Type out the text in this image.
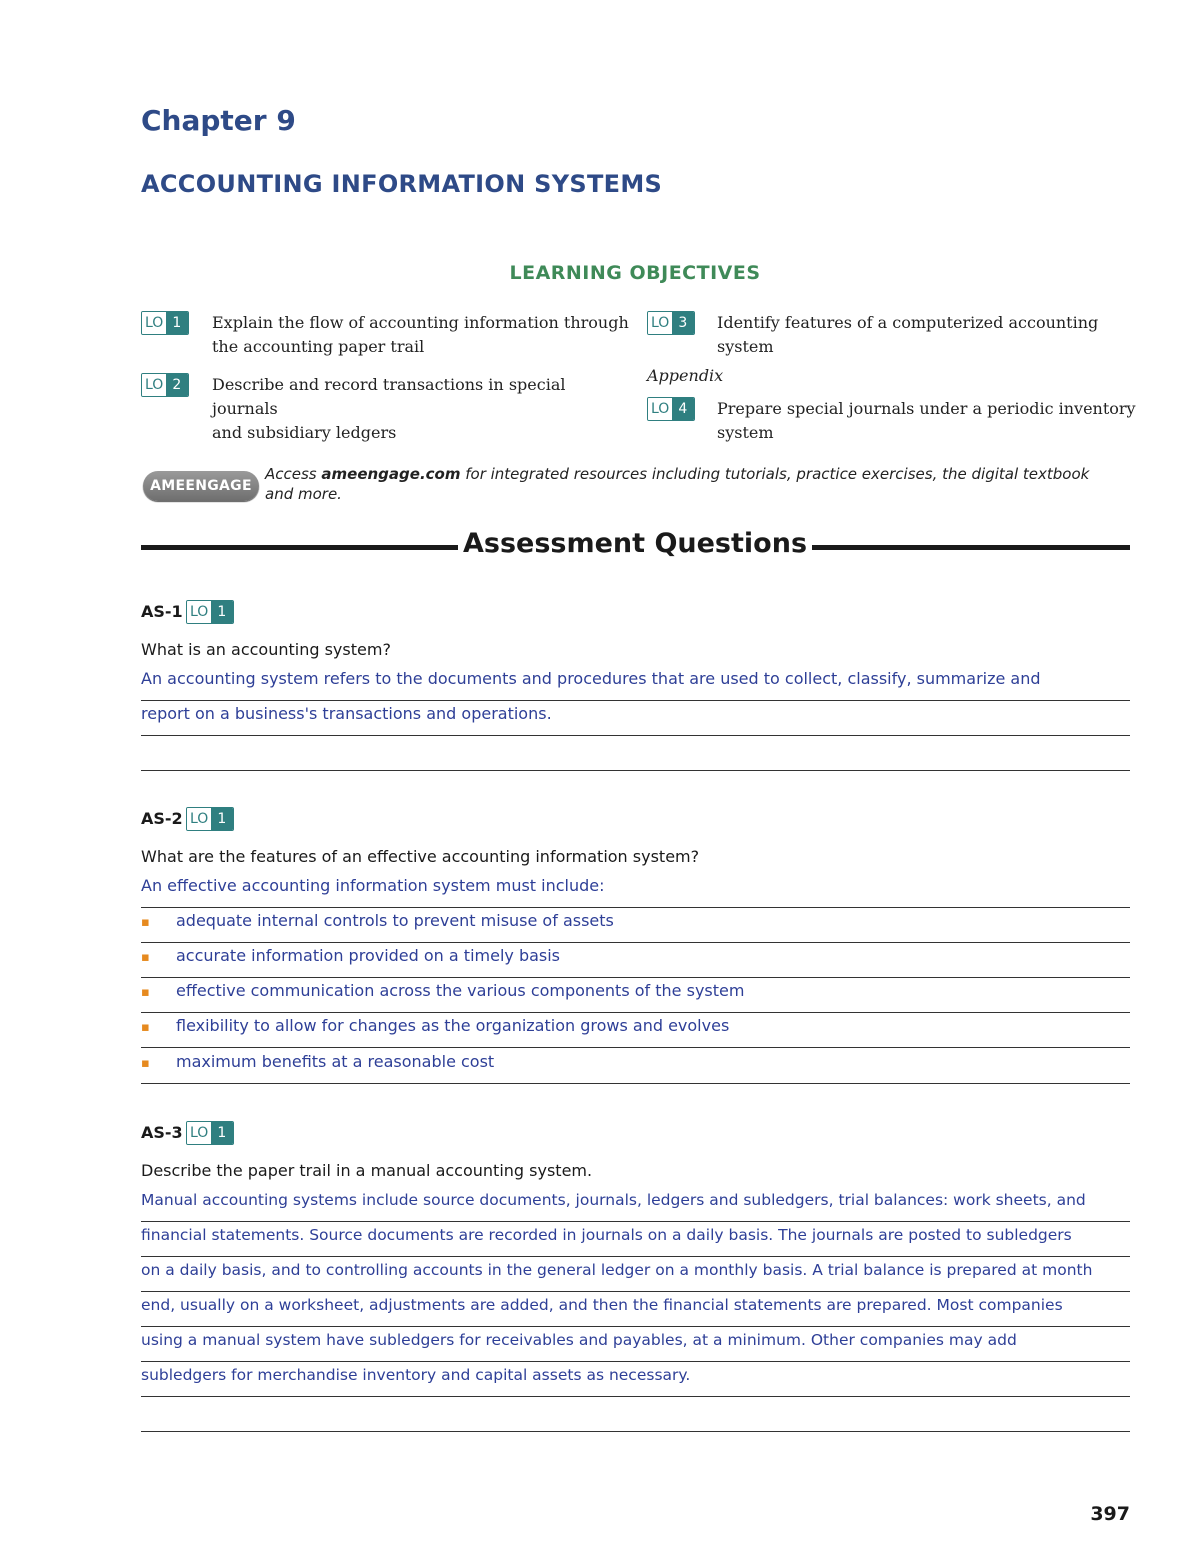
Chapter 9
ACCOUNTING INFORMATION SYSTEMS
LEARNING OBJECTIVES
LO 1	Explain the flow of accounting information through
the accounting paper trail
LO 2	Describe and record transactions in special journals
and subsidiary ledgers
LO 3	Identify features of a computerized accounting
system
Appendix
LO 4	Prepare special journals under a periodic inventory
system
AMEENGAGE
Access ameengage.com for integrated resources including tutorials, practice exercises, the digital textbook
and more.
Assessment Questions
AS-1 LO 1
What is an accounting system?
An accounting system refers to the documents and procedures that are used to collect, classify, summarize and
report on a business's transactions and operations.
AS-2 LO 1
What are the features of an effective accounting information system?
An effective accounting information system must include:
▪ adequate internal controls to prevent misuse of assets
▪ accurate information provided on a timely basis
▪ effective communication across the various components of the system
▪ flexibility to allow for changes as the organization grows and evolves
▪ maximum benefits at a reasonable cost
AS-3 LO 1
Describe the paper trail in a manual accounting system.
Manual accounting systems include source documents, journals, ledgers and subledgers, trial balances: work sheets, and
financial statements. Source documents are recorded in journals on a daily basis. The journals are posted to subledgers
on a daily basis, and to controlling accounts in the general ledger on a monthly basis. A trial balance is prepared at month
end, usually on a worksheet, adjustments are added, and then the financial statements are prepared. Most companies
using a manual system have subledgers for receivables and payables, at a minimum. Other companies may add
subledgers for merchandise inventory and capital assets as necessary.
397
